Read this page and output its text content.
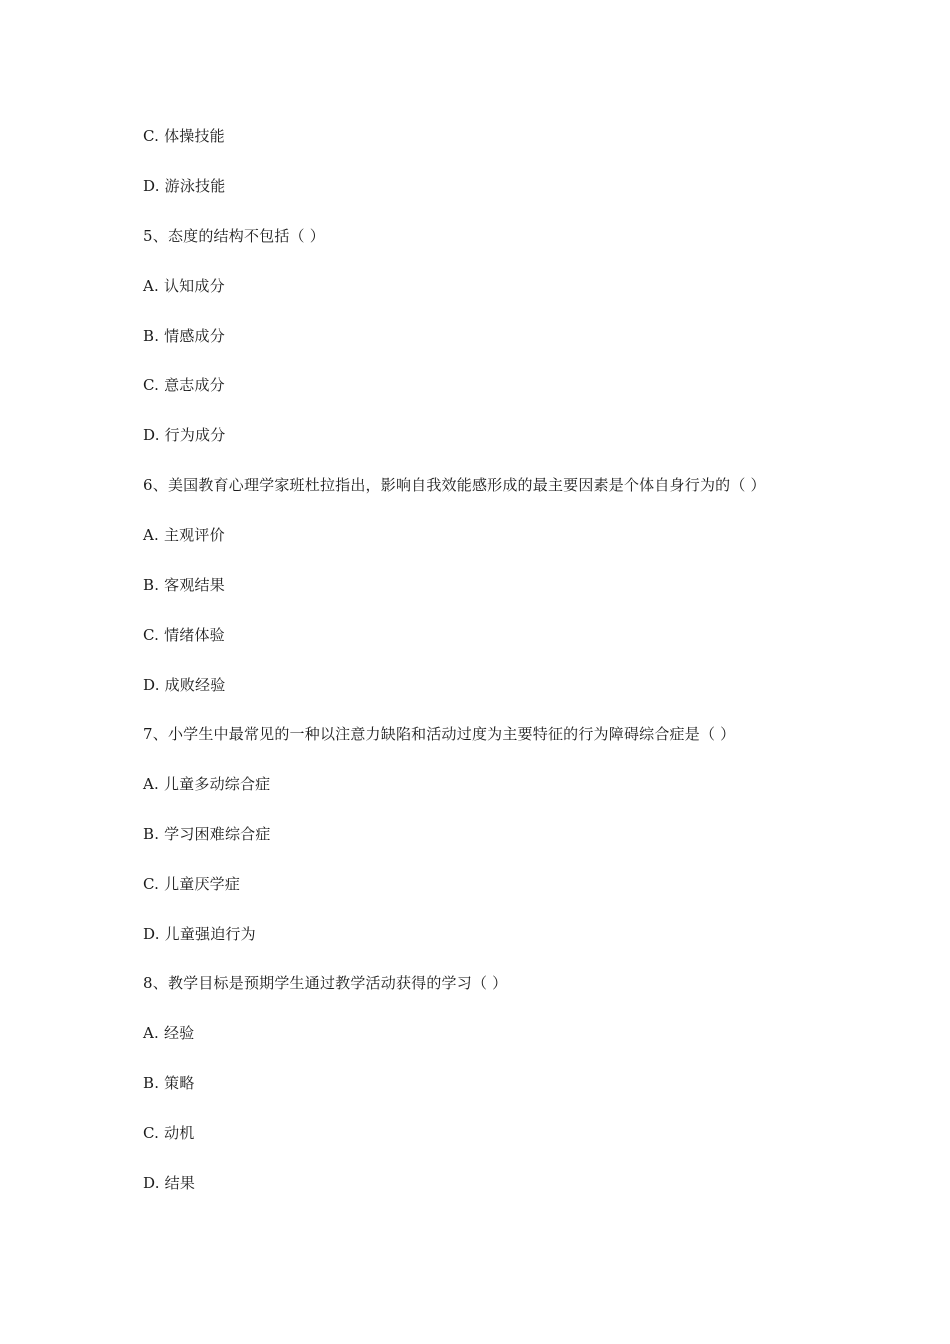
C. 体操技能
D. 游泳技能
5、态度的结构不包括（ ）
A. 认知成分
B. 情感成分
C. 意志成分
D. 行为成分
6、美国教育心理学家班杜拉指出，影响自我效能感形成的最主要因素是个体自身行为的（ ）
A. 主观评价
B. 客观结果
C. 情绪体验
D. 成败经验
7、小学生中最常见的一种以注意力缺陷和活动过度为主要特征的行为障碍综合症是（ ）
A. 儿童多动综合症
B. 学习困难综合症
C. 儿童厌学症
D. 儿童强迫行为
8、教学目标是预期学生通过教学活动获得的学习（ ）
A. 经验
B. 策略
C. 动机
D. 结果
